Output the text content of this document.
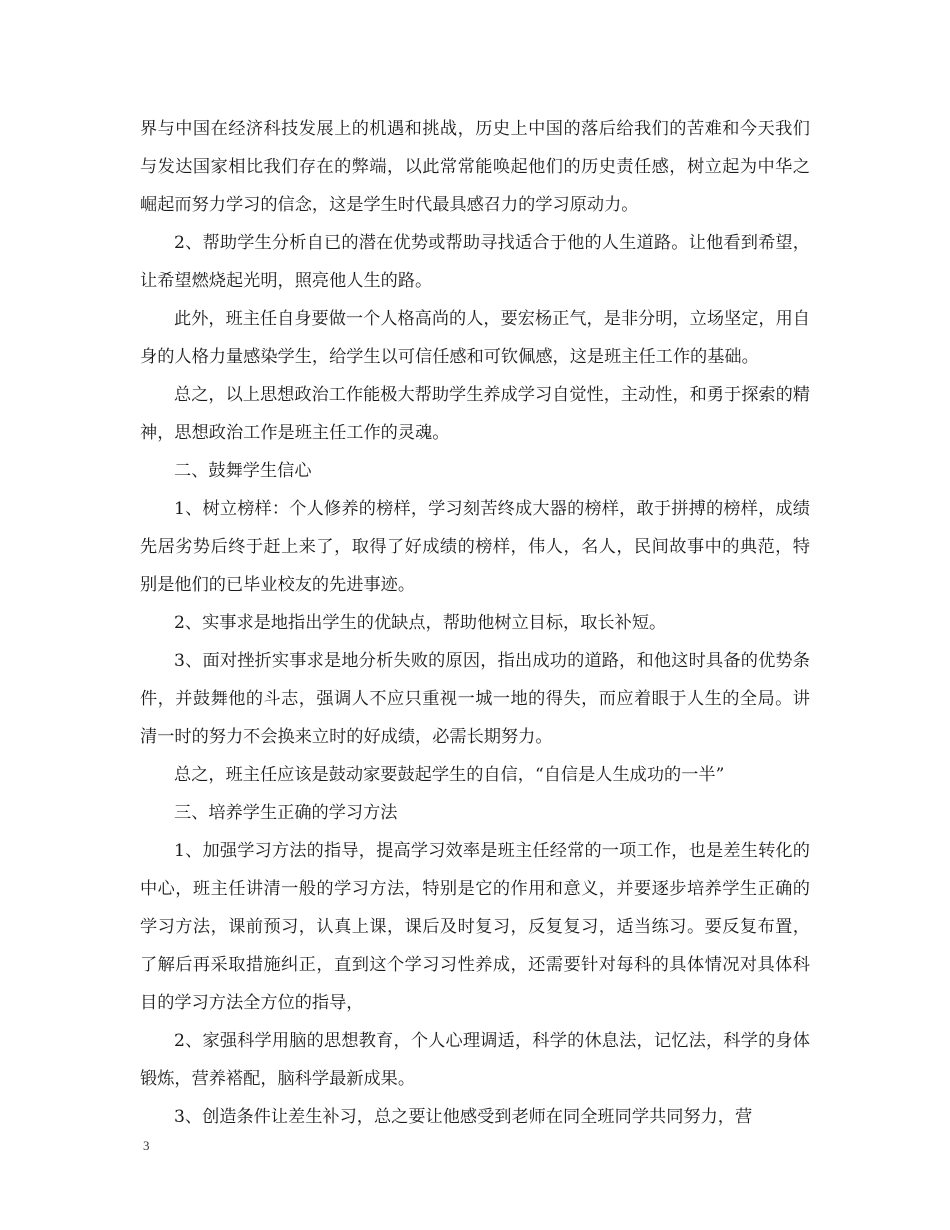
界与中国在经济科技发展上的机遇和挑战，历史上中国的落后给我们的苦难和今天我们与发达国家相比我们存在的弊端，以此常常能唤起他们的历史责任感，树立起为中华之崛起而努力学习的信念，这是学生时代最具感召力的学习原动力。

2、帮助学生分析自已的潜在优势或帮助寻找适合于他的人生道路。让他看到希望，让希望燃烧起光明，照亮他人生的路。

此外，班主任自身要做一个人格高尚的人，要宏杨正气，是非分明，立场坚定，用自身的人格力量感染学生，给学生以可信任感和可钦佩感，这是班主任工作的基础。

总之，以上思想政治工作能极大帮助学生养成学习自觉性，主动性，和勇于探索的精神，思想政治工作是班主任工作的灵魂。

二、鼓舞学生信心

1、树立榜样：个人修养的榜样，学习刻苦终成大器的榜样，敢于拼搏的榜样，成绩先居劣势后终于赶上来了，取得了好成绩的榜样，伟人，名人，民间故事中的典范，特别是他们的已毕业校友的先进事迹。

2、实事求是地指出学生的优缺点，帮助他树立目标，取长补短。

3、面对挫折实事求是地分析失败的原因，指出成功的道路，和他这时具备的优势条件，并鼓舞他的斗志，强调人不应只重视一城一地的得失，而应着眼于人生的全局。讲清一时的努力不会换来立时的好成绩，必需长期努力。

总之，班主任应该是鼓动家要鼓起学生的自信，“自信是人生成功的一半”

三、培养学生正确的学习方法

1、加强学习方法的指导，提高学习效率是班主任经常的一项工作，也是差生转化的中心，班主任讲清一般的学习方法，特别是它的作用和意义，并要逐步培养学生正确的学习方法，课前预习，认真上课，课后及时复习，反复复习，适当练习。要反复布置，了解后再采取措施纠正，直到这个学习习性养成，还需要针对每科的具体情况对具体科目的学习方法全方位的指导，

2、家强科学用脑的思想教育，个人心理调适，科学的休息法，记忆法，科学的身体锻炼，营养褡配，脑科学最新成果。

3、创造条件让差生补习，总之要让他感受到老师在同全班同学共同努力，营

3
